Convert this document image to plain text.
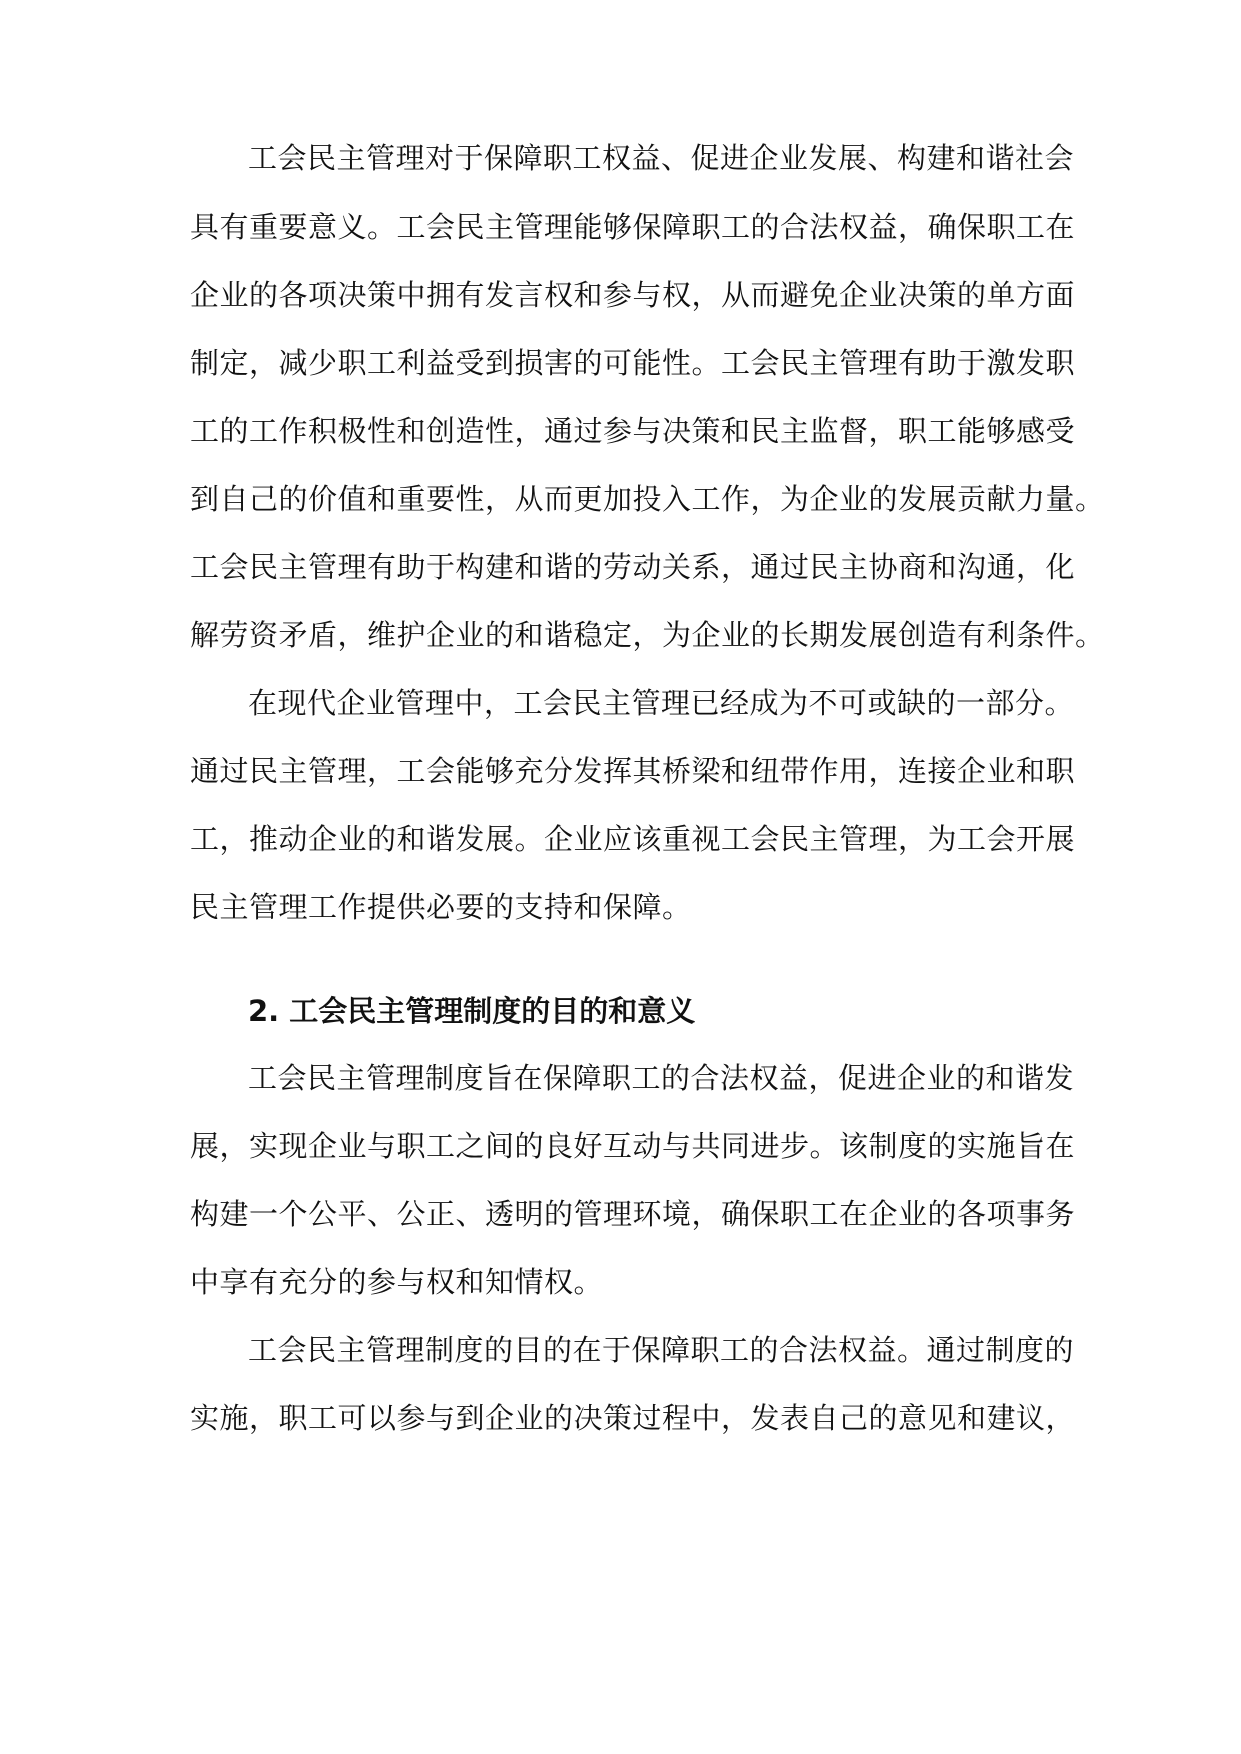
工会民主管理对于保障职工权益、促进企业发展、构建和谐社会
具有重要意义。工会民主管理能够保障职工的合法权益，确保职工在
企业的各项决策中拥有发言权和参与权，从而避免企业决策的单方面
制定，减少职工利益受到损害的可能性。工会民主管理有助于激发职
工的工作积极性和创造性，通过参与决策和民主监督，职工能够感受
到自己的价值和重要性，从而更加投入工作，为企业的发展贡献力量。
工会民主管理有助于构建和谐的劳动关系，通过民主协商和沟通，化
解劳资矛盾，维护企业的和谐稳定，为企业的长期发展创造有利条件。
在现代企业管理中，工会民主管理已经成为不可或缺的一部分。
通过民主管理，工会能够充分发挥其桥梁和纽带作用，连接企业和职
工，推动企业的和谐发展。企业应该重视工会民主管理，为工会开展
民主管理工作提供必要的支持和保障。
2. 工会民主管理制度的目的和意义
工会民主管理制度旨在保障职工的合法权益，促进企业的和谐发
展，实现企业与职工之间的良好互动与共同进步。该制度的实施旨在
构建一个公平、公正、透明的管理环境，确保职工在企业的各项事务
中享有充分的参与权和知情权。
工会民主管理制度的目的在于保障职工的合法权益。通过制度的
实施，职工可以参与到企业的决策过程中，发表自己的意见和建议，
